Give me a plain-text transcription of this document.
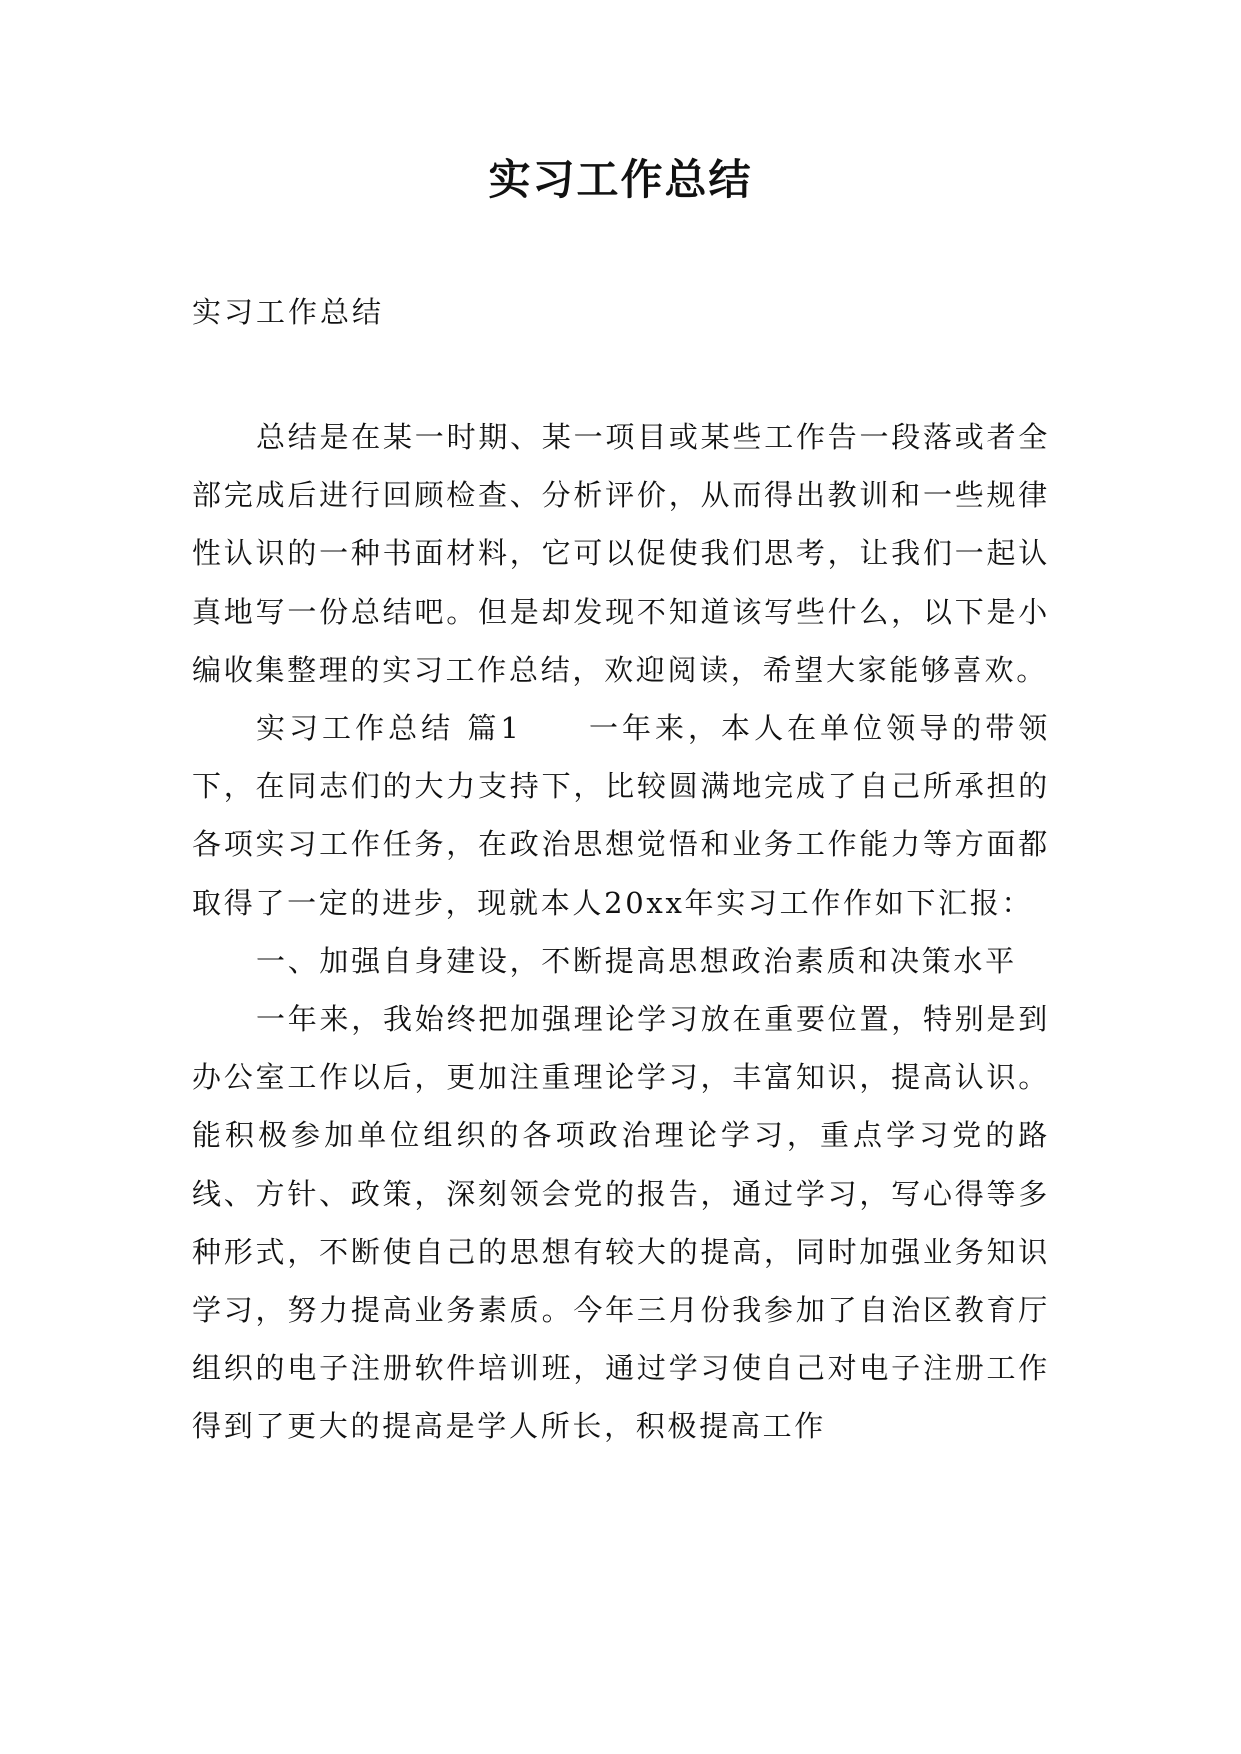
实习工作总结

实习工作总结

总结是在某一时期、某一项目或某些工作告一段落或者全部完成后进行回顾检查、分析评价，从而得出教训和一些规律性认识的一种书面材料，它可以促使我们思考，让我们一起认真地写一份总结吧。但是却发现不知道该写些什么，以下是小编收集整理的实习工作总结，欢迎阅读，希望大家能够喜欢。

实习工作总结 篇1　　一年来，本人在单位领导的带领下，在同志们的大力支持下，比较圆满地完成了自己所承担的各项实习工作任务，在政治思想觉悟和业务工作能力等方面都取得了一定的进步，现就本人20xx年实习工作作如下汇报：

一、加强自身建设，不断提高思想政治素质和决策水平

一年来，我始终把加强理论学习放在重要位置，特别是到办公室工作以后，更加注重理论学习，丰富知识，提高认识。能积极参加单位组织的各项政治理论学习，重点学习党的路线、方针、政策，深刻领会党的报告，通过学习，写心得等多种形式，不断使自己的思想有较大的提高，同时加强业务知识学习，努力提高业务素质。今年三月份我参加了自治区教育厅组织的电子注册软件培训班，通过学习使自己对电子注册工作得到了更大的提高是学人所长，积极提高工作
